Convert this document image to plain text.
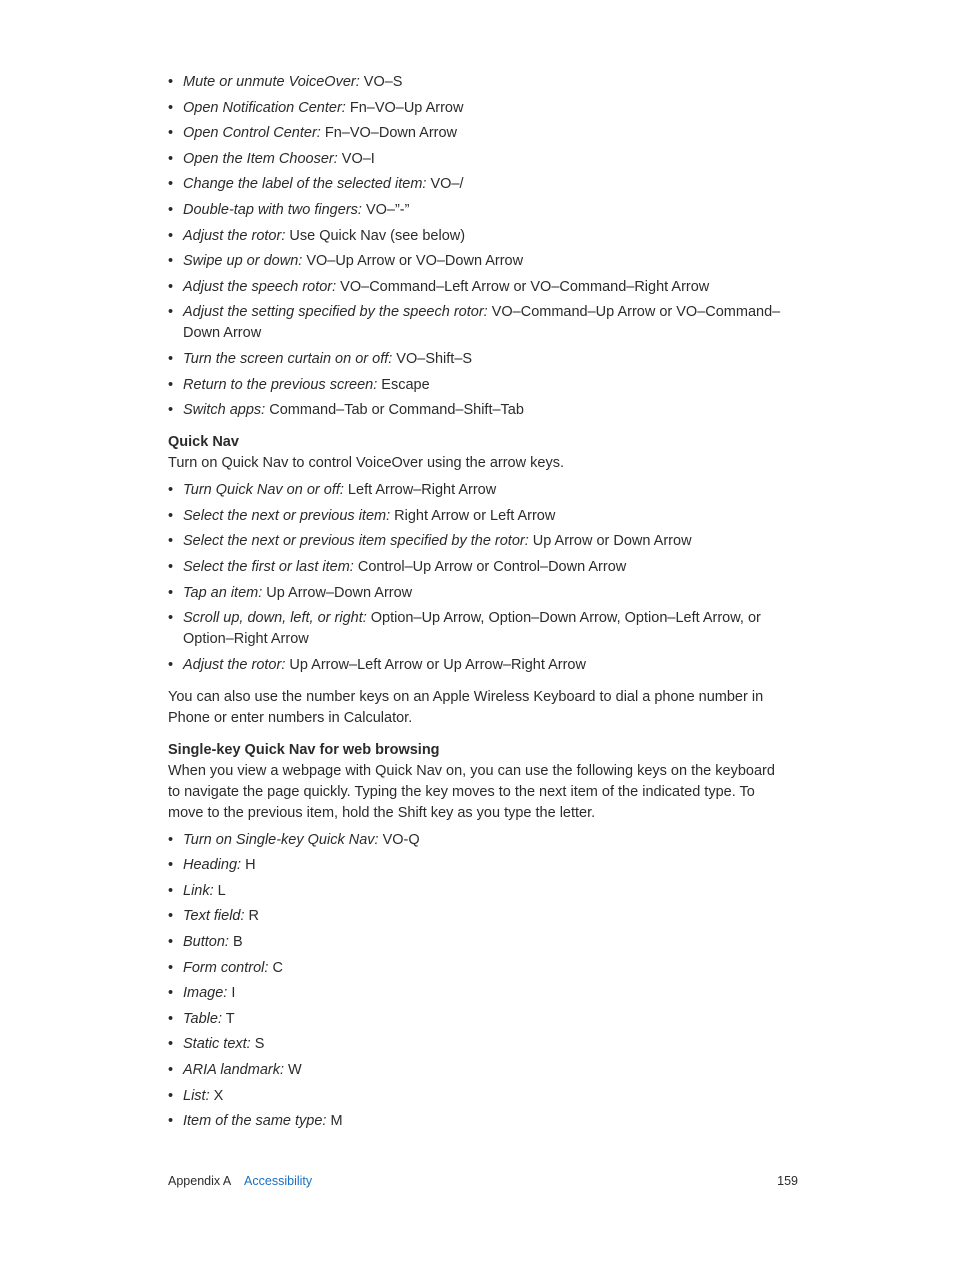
• Mute or unmute VoiceOver: VO–S
• Open Notification Center: Fn–VO–Up Arrow
• Open Control Center: Fn–VO–Down Arrow
• Open the Item Chooser: VO–I
• Change the label of the selected item: VO–/
• Double-tap with two fingers: VO–”-”
• Adjust the rotor: Use Quick Nav (see below)
• Swipe up or down: VO–Up Arrow or VO–Down Arrow
• Adjust the speech rotor: VO–Command–Left Arrow or VO–Command–Right Arrow
• Adjust the setting specified by the speech rotor: VO–Command–Up Arrow or VO–Command–Down Arrow
• Turn the screen curtain on or off: VO–Shift–S
• Return to the previous screen: Escape
• Switch apps: Command–Tab or Command–Shift–Tab
Quick Nav

Turn on Quick Nav to control VoiceOver using the arrow keys.

• Turn Quick Nav on or off: Left Arrow–Right Arrow
• Select the next or previous item: Right Arrow or Left Arrow
• Select the next or previous item specified by the rotor: Up Arrow or Down Arrow
• Select the first or last item: Control–Up Arrow or Control–Down Arrow
• Tap an item: Up Arrow–Down Arrow
• Scroll up, down, left, or right: Option–Up Arrow, Option–Down Arrow, Option–Left Arrow, or Option–Right Arrow
• Adjust the rotor: Up Arrow–Left Arrow or Up Arrow–Right Arrow

You can also use the number keys on an Apple Wireless Keyboard to dial a phone number in Phone or enter numbers in Calculator.

Single-key Quick Nav for web browsing

When you view a webpage with Quick Nav on, you can use the following keys on the keyboard to navigate the page quickly. Typing the key moves to the next item of the indicated type. To move to the previous item, hold the Shift key as you type the letter.

• Turn on Single-key Quick Nav: VO-Q
• Heading: H
• Link: L
• Text field: R
• Button: B
• Form control: C
• Image: I
• Table: T
• Static text: S
• ARIA landmark: W
• List: X
• Item of the same type: M
Appendix A Accessibility	159
